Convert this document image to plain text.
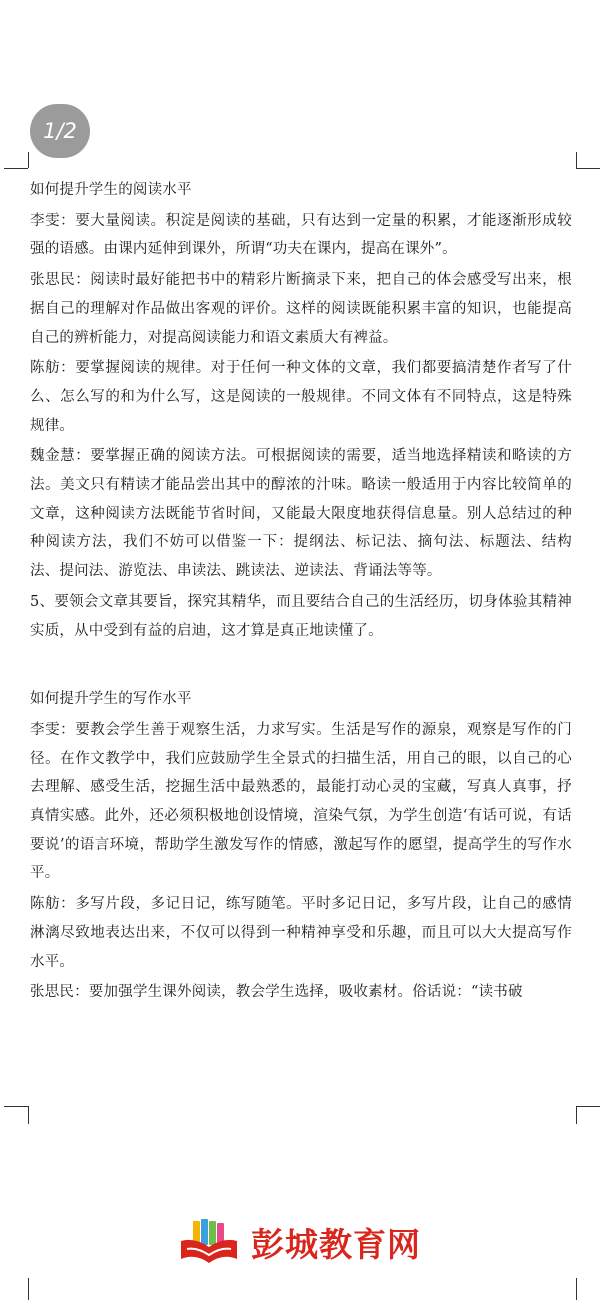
1/2

如何提升学生的阅读水平

李雯：要大量阅读。积淀是阅读的基础，只有达到一定量的积累，才能逐渐形成较强的语感。由课内延伸到课外，所谓“功夫在课内，提高在课外”。

张思民：阅读时最好能把书中的精彩片断摘录下来，把自己的体会感受写出来，根据自己的理解对作品做出客观的评价。这样的阅读既能积累丰富的知识，也能提高自己的辨析能力，对提高阅读能力和语文素质大有裨益。

陈舫：要掌握阅读的规律。对于任何一种文体的文章，我们都要搞清楚作者写了什么、怎么写的和为什么写，这是阅读的一般规律。不同文体有不同特点，这是特殊规律。

魏金慧：要掌握正确的阅读方法。可根据阅读的需要，适当地选择精读和略读的方法。美文只有精读才能品尝出其中的醇浓的汁味。略读一般适用于内容比较简单的文章，这种阅读方法既能节省时间，又能最大限度地获得信息量。别人总结过的种种阅读方法，我们不妨可以借鉴一下：提纲法、标记法、摘句法、标题法、结构法、提问法、游览法、串读法、跳读法、逆读法、背诵法等等。

5、要领会文章其要旨，探究其精华，而且要结合自己的生活经历，切身体验其精神实质，从中受到有益的启迪，这才算是真正地读懂了。

如何提升学生的写作水平

李雯：要教会学生善于观察生活，力求写实。生活是写作的源泉，观察是写作的门径。在作文教学中，我们应鼓励学生全景式的扫描生活，用自己的眼，以自己的心去理解、感受生活，挖掘生活中最熟悉的，最能打动心灵的宝藏，写真人真事，抒真情实感。此外，还必须积极地创设情境，渲染气氛，为学生创造‘有话可说，有话要说’的语言环境，帮助学生激发写作的情感，激起写作的愿望，提高学生的写作水平。

陈舫：多写片段，多记日记，练写随笔。平时多记日记，多写片段，让自己的感情淋漓尽致地表达出来，不仅可以得到一种精神享受和乐趣，而且可以大大提高写作水平。

张思民：要加强学生课外阅读，教会学生选择，吸收素材。俗话说：“读书破

彭城教育网
